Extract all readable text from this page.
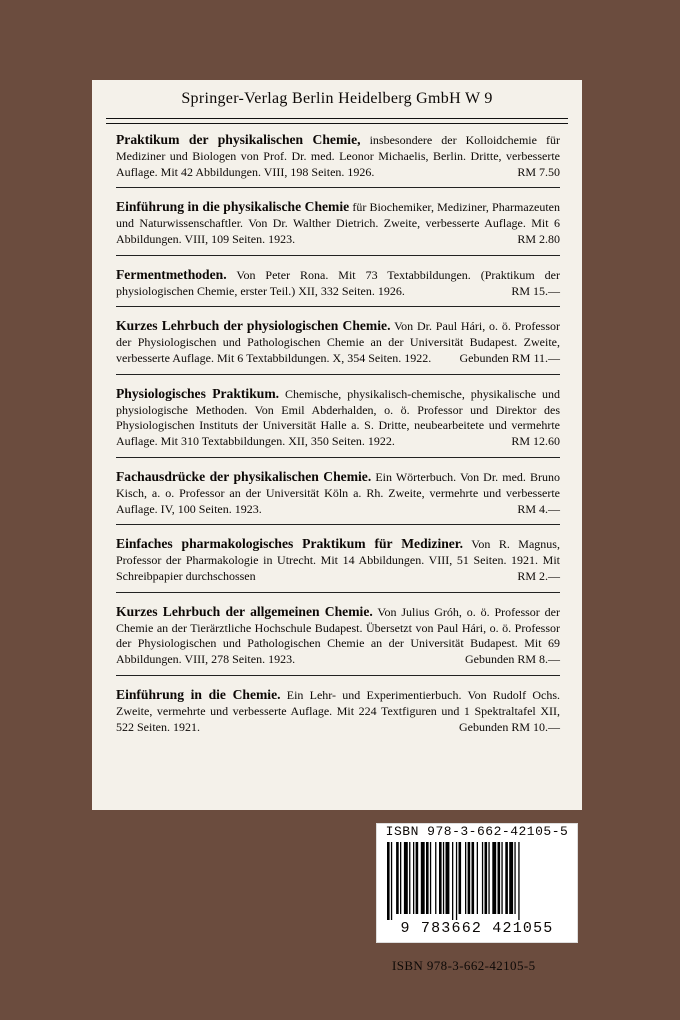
Springer-Verlag Berlin Heidelberg GmbH W 9
Praktikum der physikalischen Chemie, insbesondere der Kolloidchemie für Mediziner und Biologen von Prof. Dr. med. Leonor Michaelis, Berlin. Dritte, verbesserte Auflage. Mit 42 Abbildungen. VIII, 198 Seiten. 1926.	RM 7.50
Einführung in die physikalische Chemie für Biochemiker, Mediziner, Pharmazeuten und Naturwissenschaftler. Von Dr. Walther Dietrich. Zweite, verbesserte Auflage. Mit 6 Abbildungen. VIII, 109 Seiten. 1923.	RM 2.80
Fermentmethoden. Von Peter Rona. Mit 73 Textabbildungen. (Praktikum der physiologischen Chemie, erster Teil.) XII, 332 Seiten. 1926.	RM 15.—
Kurzes Lehrbuch der physiologischen Chemie. Von Dr. Paul Hári, o. ö. Professor der Physiologischen und Pathologischen Chemie an der Universität Budapest. Zweite, verbesserte Auflage. Mit 6 Textabbildungen. X, 354 Seiten. 1922. Gebunden RM 11.—
Physiologisches Praktikum. Chemische, physikalisch-chemische, physikalische und physiologische Methoden. Von Emil Abderhalden, o. ö. Professor und Direktor des Physiologischen Instituts der Universität Halle a. S. Dritte, neubearbeitete und vermehrte Auflage. Mit 310 Textabbildungen. XII, 350 Seiten. 1922.	RM 12.60
Fachausdrücke der physikalischen Chemie. Ein Wörterbuch. Von Dr. med. Bruno Kisch, a. o. Professor an der Universität Köln a. Rh. Zweite, vermehrte und verbesserte Auflage. IV, 100 Seiten. 1923.	RM 4.—
Einfaches pharmakologisches Praktikum für Mediziner. Von R. Magnus, Professor der Pharmakologie in Utrecht. Mit 14 Abbildungen. VIII, 51 Seiten. 1921. Mit Schreibpapier durchschossen	RM 2.—
Kurzes Lehrbuch der allgemeinen Chemie. Von Julius Gróh, o. ö. Professor der Chemie an der Tierärztliche Hochschule Budapest. Übersetzt von Paul Hári, o. ö. Professor der Physiologischen und Pathologischen Chemie an der Universität Budapest. Mit 69 Abbildungen. VIII, 278 Seiten. 1923.	Gebunden RM 8.—
Einführung in die Chemie. Ein Lehr- und Experimentierbuch. Von Rudolf Ochs. Zweite, vermehrte und verbesserte Auflage. Mit 224 Textfiguren und 1 Spektraltafel XII, 522 Seiten. 1921.	Gebunden RM 10.—
ISBN 978-3-662-42105-5
9 783662 421055
ISBN 978-3-662-42105-5
